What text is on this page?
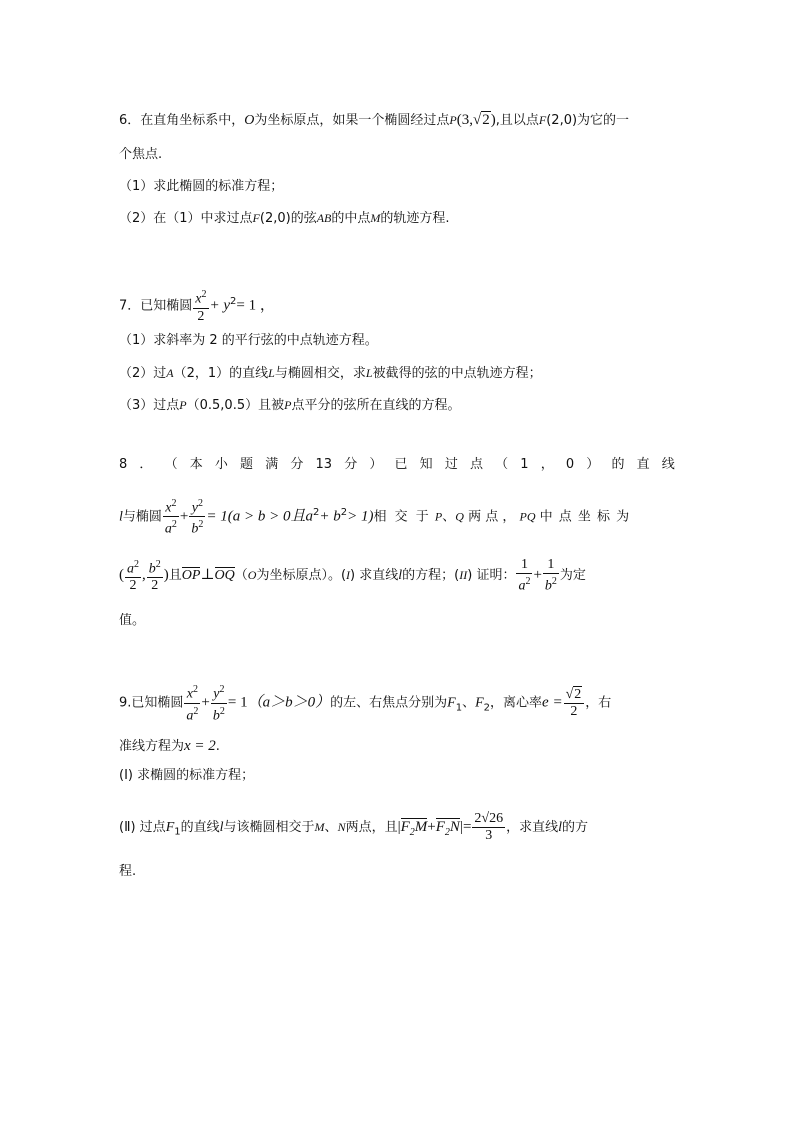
6．在直角坐标系中，O为坐标原点，如果一个椭圆经过点P(3,√2),且以点F(2,0)为它的一
个焦点.
（1）求此椭圆的标准方程；
（2）在（1）中求过点F(2,0)的弦AB的中点M的轨迹方程.
7．已知椭圆 $\frac{x^2}{2} + y^2= 1$ ，
（1）求斜率为 2 的平行弦的中点轨迹方程。
（2）过A（2，1）的直线L与椭圆相交，求L被截得的弦的中点轨迹方程；
（3）过点P（0.5,0.5）且被P点平分的弦所在直线的方程。
8 ． （ 本 小 题 满 分 13 分 ） 已 知 过 点 （ 1 ， 0 ） 的 直 线
l与椭圆 $\frac{x^2}{a^2} + \frac{y^2}{b^2} = 1(a > b > 0$且$a^2+ b^2> 1$)相 交 于 P、Q 两 点 ， PQ 中 点 坐 标 为
( $\frac{a^2}{2}$ , $\frac{b^2}{2}$ )且OP⊥OQ（O为坐标原点）。(I) 求直线l的方程；(II) 证明： $\frac{1}{a^2} + \frac{1}{b^2}$ 为定
值。
9.已知椭圆 $\frac{x^2}{a^2} + \frac{y^2}{b^2} = 1(a>b>0)$的左、右焦点分别为$F_1$、$F_2$，离心率$e = \frac{√2}{2}$ ，右
准线方程为x = 2.
(Ⅰ) 求椭圆的标准方程；
(Ⅱ) 过点$F_1$的直线l与该椭圆相交于M、N两点，且$|F_2M+F_2N|= \frac{2√26}{3}$ ，求直线l的方
程.
